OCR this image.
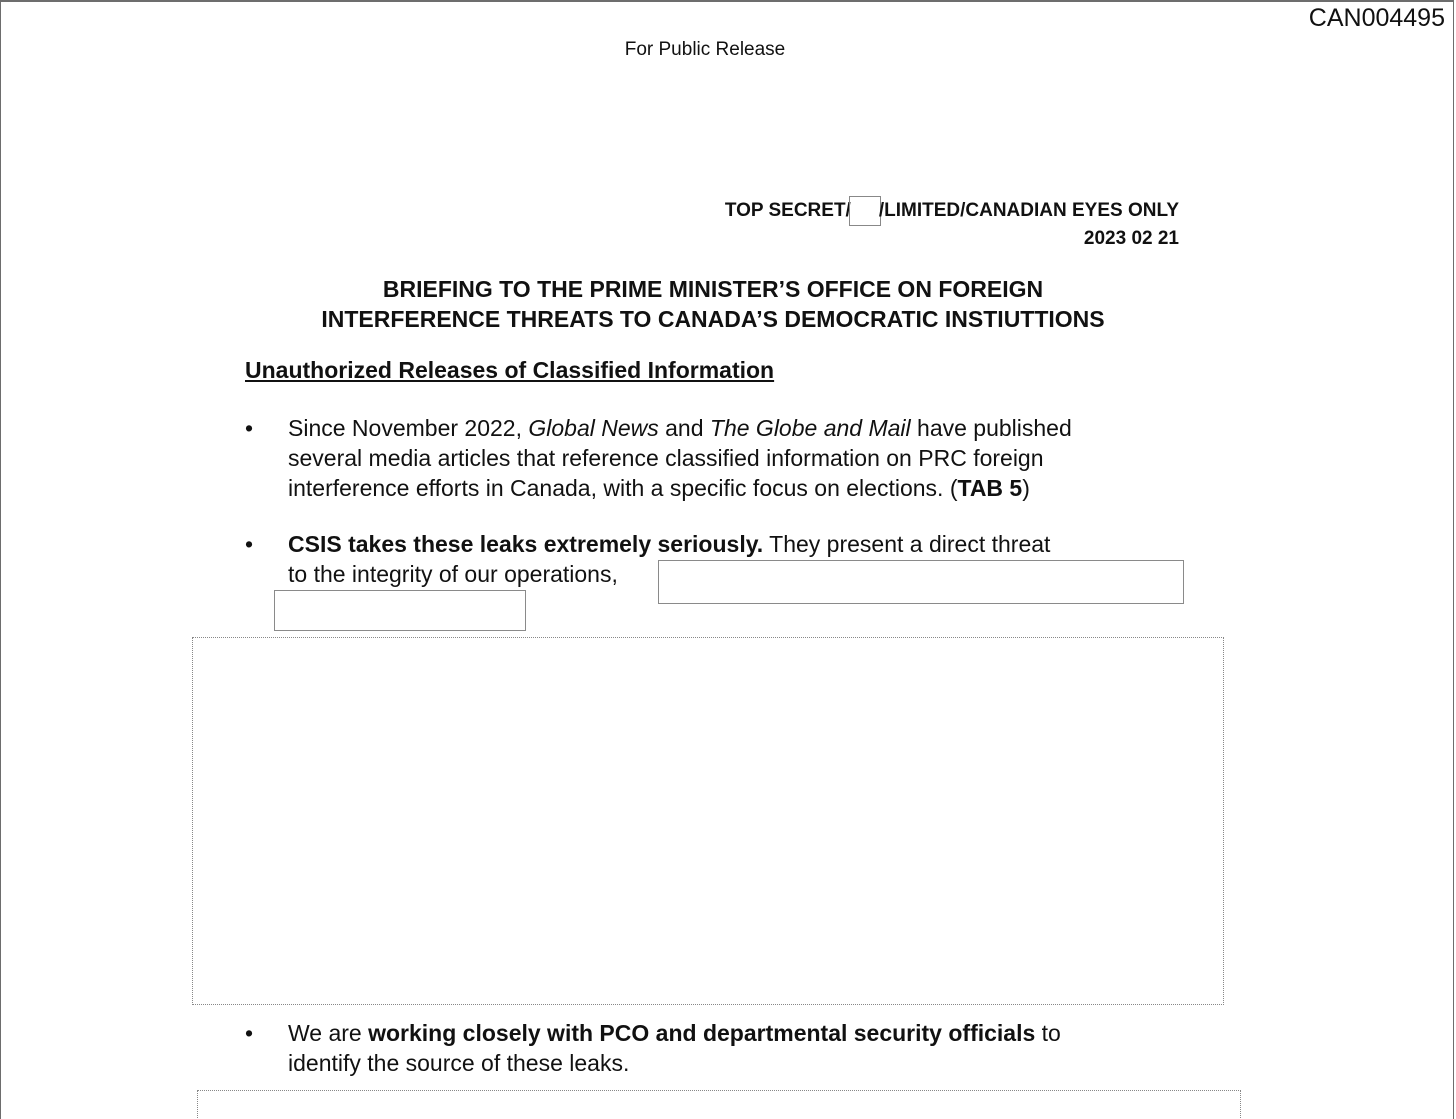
CAN004495
For Public Release
TOP SECRET/ /LIMITED/CANADIAN EYES ONLY
2023 02 21
BRIEFING TO THE PRIME MINISTER’S OFFICE ON FOREIGN
INTERFERENCE THREATS TO CANADA’S DEMOCRATIC INSTIUTTIONS
Unauthorized Releases of Classified Information
•	Since November 2022, Global News and The Globe and Mail have published
several media articles that reference classified information on PRC foreign
interference efforts in Canada, with a specific focus on elections. (TAB 5)
•	CSIS takes these leaks extremely seriously. They present a direct threat
to the integrity of our operations,
•	We are working closely with PCO and departmental security officials to
identify the source of these leaks.
